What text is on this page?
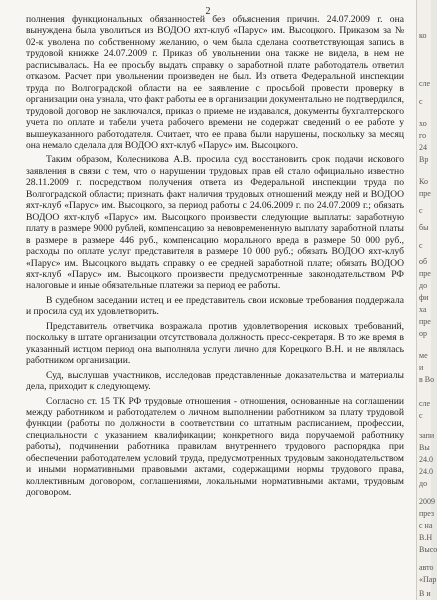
2

полнения функциональных обязанностей без объяснения причин. 24.07.2009 г. она вынуждена была уволиться из ВОДОО яхт-клуб «Парус» им. Высоцкого. Приказом за № 02-к уволена по собственному желанию, о чем была сделана соответствующая запись в трудовой книжке 24.07.2009 г. Приказ об увольнении она также не видела, в нем не расписывалась. На ее просьбу выдать справку о заработной плате работодатель ответил отказом. Расчет при увольнении произведен не был. Из ответа Федеральной инспекции труда по Волгоградской области на ее заявление с просьбой провести проверку в организации она узнала, что факт работы ее в организации документально не подтвердился, трудовой договор не заключался, приказ о приеме не издавался, документы бухгалтерского учета по оплате и табели учета рабочего времени не содержат сведений о ее работе у вышеуказанного работодателя. Считает, что ее права были нарушены, поскольку за месяц она немало сделала для ВОДОО яхт-клуб «Парус» им. Высоцкого.

Таким образом, Колесникова А.В. просила суд восстановить срок подачи искового заявления в связи с тем, что о нарушении трудовых прав ей стало официально известно 28.11.2009 г. посредством получения ответа из Федеральной инспекции труда по Волгоградской области; признать факт наличия трудовых отношений между ней и ВОДОО яхт-клуб «Парус» им. Высоцкого, за период работы с 24.06.2009 г. по 24.07.2009 г.; обязать ВОДОО яхт-клуб «Парус» им. Высоцкого произвести следующие выплаты: заработную плату в размере 9000 рублей, компенсацию за невовремененную выплату заработной платы в размере в размере 446 руб., компенсацию морального вреда в размере 50 000 руб., расходы по оплате услуг представителя в размере 10 000 руб.; обязать ВОДОО яхт-клуб «Парус» им. Высоцкого выдать справку о ее средней заработной плате; обязать ВОДОО яхт-клуб «Парус» им. Высоцкого произвести предусмотренные законодательством РФ налоговые и иные обязательные платежи за период ее работы.

В судебном заседании истец и ее представитель свои исковые требования поддержала и просила суд их удовлетворить.

Представитель ответчика возражала против удовлетворения исковых требований, поскольку в штате организации отсутствовала должность пресс-секретаря. В то же время в указанный истцом период она выполняла услуги лично для Корецкого В.Н. и не являлась работником организации.

Суд, выслушав участников, исследовав представленные доказательства и материалы дела, приходит к следующему.

Согласно ст. 15 ТК РФ трудовые отношения - отношения, основанные на соглашении между работником и работодателем о личном выполнении работником за плату трудовой функции (работы по должности в соответствии со штатным расписанием, профессии, специальности с указанием квалификации; конкретного вида поручаемой работнику работы), подчинении работника правилам внутреннего трудового распорядка при обеспечении работодателем условий труда, предусмотренных трудовым законодательством и иными нормативными правовыми актами, содержащими нормы трудового права, коллективным договором, соглашениями, локальными нормативными актами, трудовым договором.

ко
сле
с
хо
го
24
Вр
Ко
пре
с
бы
с
об
пре
до
фи
ха
пре
ор
ме
и
в Во
сле
с
запи
Вы
24.0
24.0
до
2009
през
с на
В.Н
Высо
авто
«Пар
В и
